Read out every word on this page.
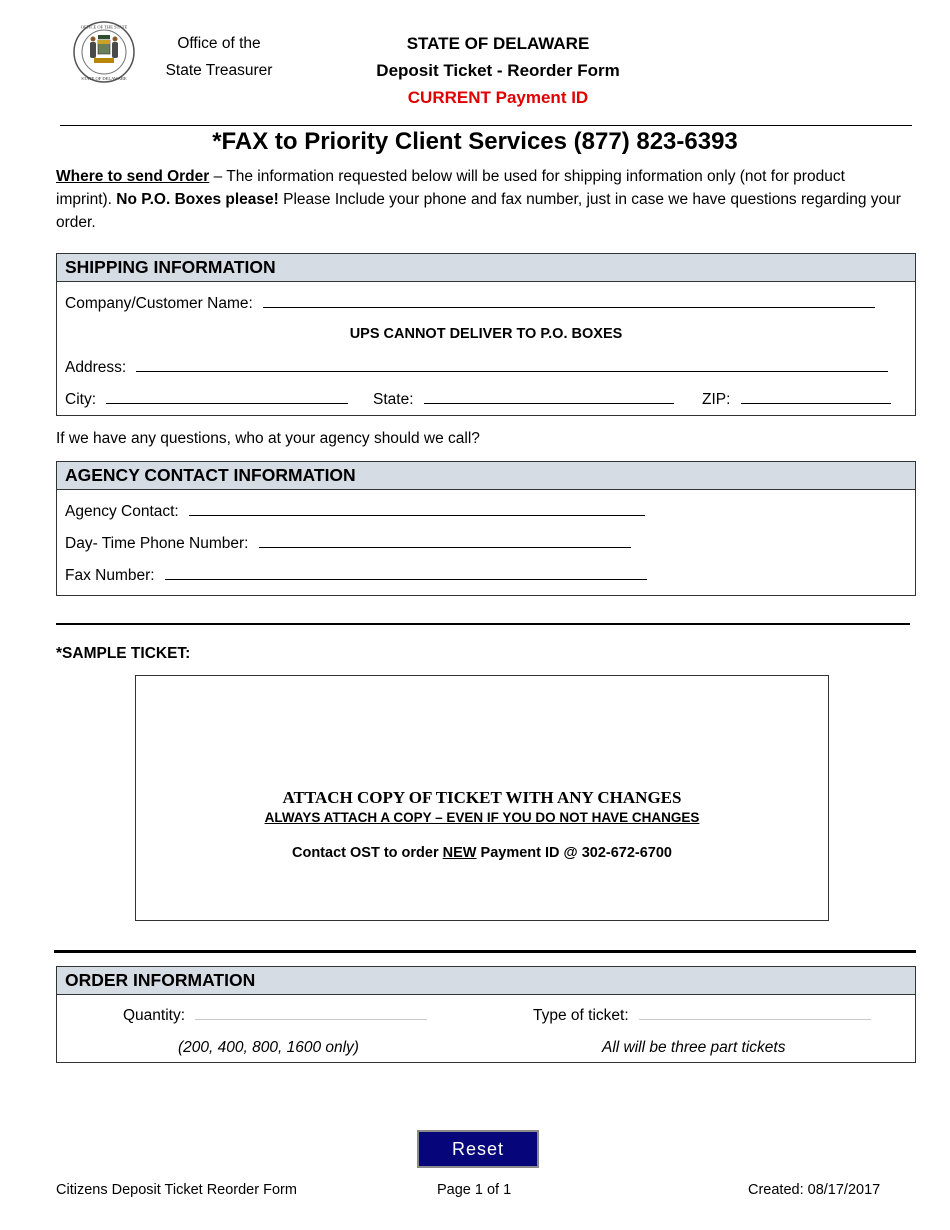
OFFICE OF THE STATE
STATE OF DELAWARE
Office of the
State Treasurer
STATE OF DELAWARE
Deposit Ticket - Reorder Form
CURRENT Payment ID
*FAX to Priority Client Services (877) 823-6393
Where to send Order – The information requested below will be used for shipping information only (not for product imprint). No P.O. Boxes please! Please Include your phone and fax number, just in case we have questions regarding your order.
SHIPPING INFORMATION
Company/Customer Name:
UPS CANNOT DELIVER TO P.O. BOXES
Address:
City:	State:	ZIP:
If we have any questions, who at your agency should we call?
AGENCY CONTACT INFORMATION
Agency Contact:
Day- Time Phone Number:
Fax Number:
*SAMPLE TICKET:
ATTACH COPY OF TICKET WITH ANY CHANGES
ALWAYS ATTACH A COPY – EVEN IF YOU DO NOT HAVE CHANGES
Contact OST to order NEW Payment ID @ 302-672-6700
ORDER INFORMATION
Quantity:	Type of ticket:
(200, 400, 800, 1600 only)	All will be three part tickets
Reset
Citizens Deposit Ticket Reorder Form	Page 1 of 1	Created: 08/17/2017
